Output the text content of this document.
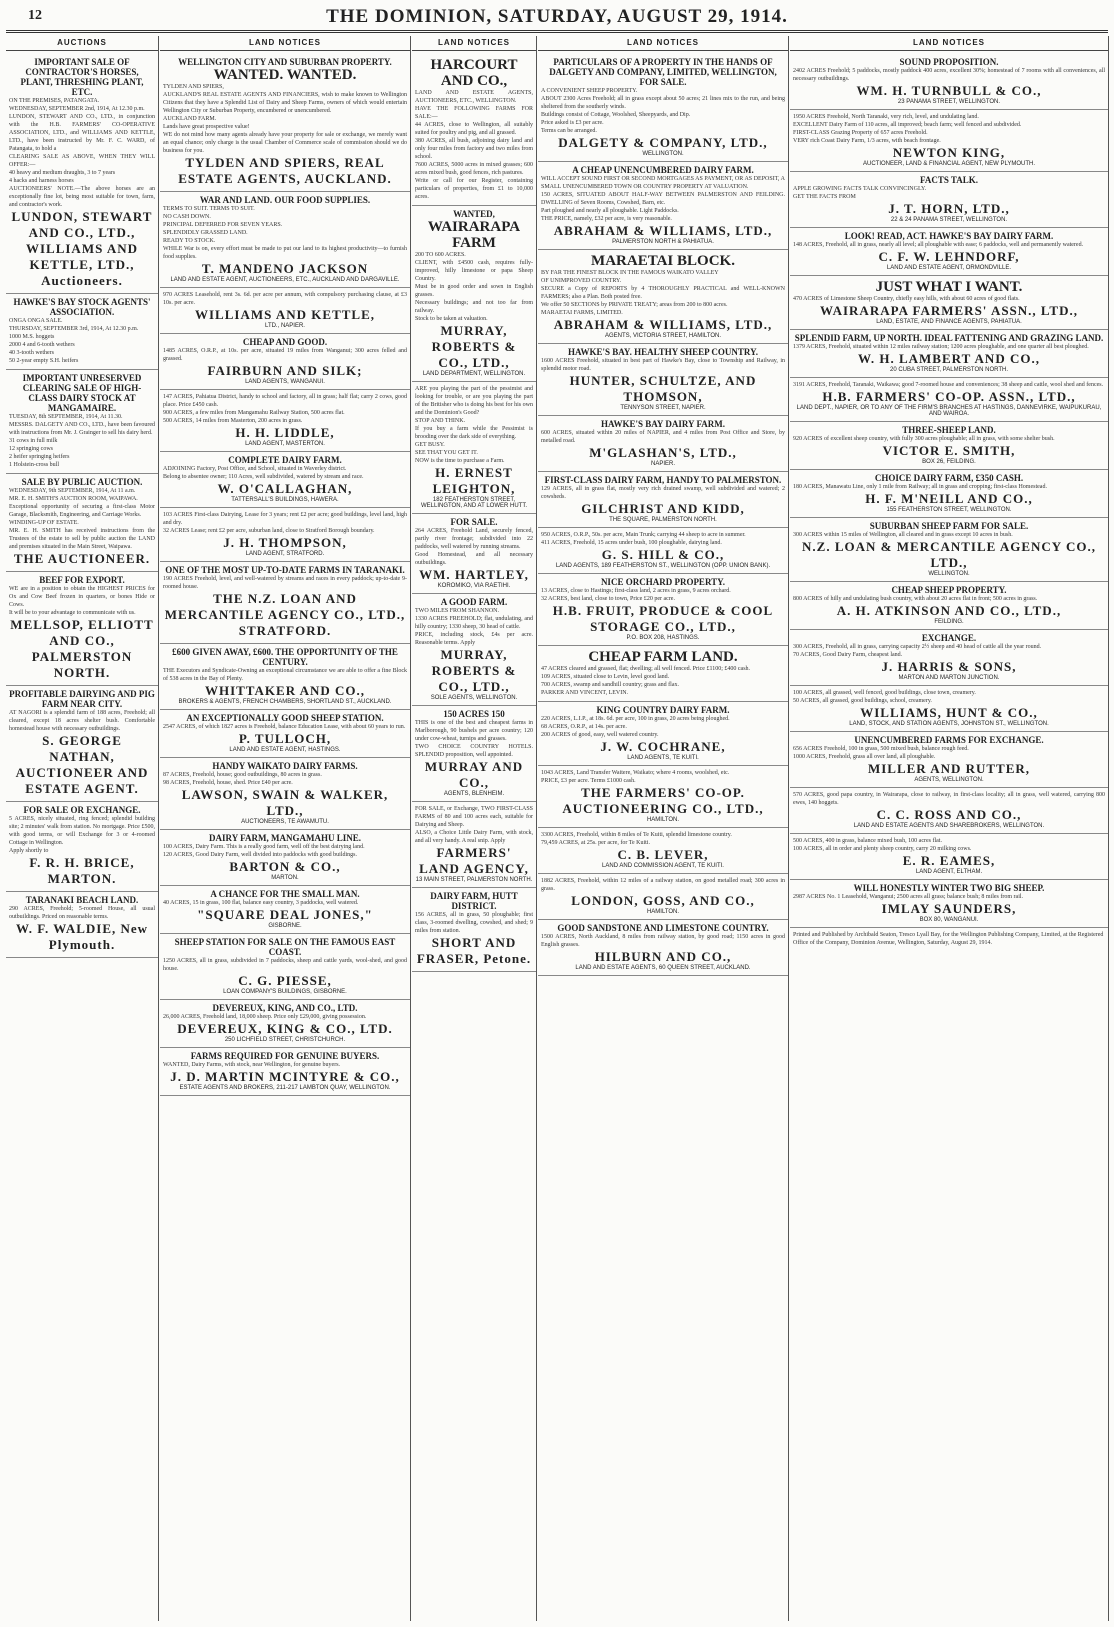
12	THE DOMINION, SATURDAY, AUGUST 29, 1914.
AUCTIONS
IMPORTANT SALE OF CONTRACTOR'S HORSES, PLANT, THRESHING PLANT, ETC.
ON THE PREMISES, PATANGATA.
WEDNESDAY, SEPTEMBER 2nd, 1914, At 12.30 p.m.
LUNDON, STEWART AND CO., LTD., in conjunction with the H.B. FARMERS' CO-OPERATIVE ASSOCIATION, LTD., and WILLIAMS AND KETTLE, LTD., have been instructed by Mr. F. C. WARD, of Patangata, to hold a
CLEARING SALE AS ABOVE, WHEN THEY WILL OFFER:—
40 heavy and medium draughts, 3 to 7 years
4 hacks and harness horses
AUCTIONEERS' NOTE.—The above horses are an exceptionally fine lot, being most suitable for town, farm, and contractor's work.
LUNDON, STEWART AND CO., LTD., WILLIAMS AND KETTLE, LTD., Auctioneers.
HAWKE'S BAY STOCK AGENTS' ASSOCIATION.
ONGA ONGA SALE.
THURSDAY, SEPTEMBER 3rd, 1914, At 12.30 p.m.
1000 M.S. hoggets
2000 4 and 6-tooth wethers
40 3-tooth wethers
50 2-year empty S.H. heifers
IMPORTANT UNRESERVED CLEARING SALE OF HIGH-CLASS DAIRY STOCK AT MANGAMAIRE.
TUESDAY, 8th SEPTEMBER, 1914, At 11.30.
MESSRS. DALGETY AND CO., LTD., have been favoured with instructions from Mr. J. Grainger to sell his dairy herd.
31 cows in full milk
12 springing cows
2 heifer springing heifers
1 Holstein-cross bull
SALE BY PUBLIC AUCTION.
WEDNESDAY, 9th SEPTEMBER, 1914, At 11 a.m.
MR. E. H. SMITH'S AUCTION ROOM, WAIPAWA.
Exceptional opportunity of securing a first-class Motor Garage, Blacksmith, Engineering, and Carriage Works.
WINDING-UP OF ESTATE.
MR. E. H. SMITH has received instructions from the Trustees of the estate to sell by public auction the LAND and premises situated in the Main Street, Waipawa.
THE AUCTIONEER.
BEEF FOR EXPORT.
WE are in a position to obtain the HIGHEST PRICES for Ox and Cow Beef frozen in quarters, or bones Hide or Cows.
It will be to your advantage to communicate with us.
MELLSOP, ELLIOTT AND CO., PALMERSTON NORTH.
PROFITABLE DAIRYING AND PIG FARM NEAR CITY.
AT NAGORI is a splendid farm of 188 acres, Freehold; all cleared, except 18 acres shelter bush. Comfortable homestead house with necessary outbuildings.
S. GEORGE NATHAN, AUCTIONEER AND ESTATE AGENT.
FOR SALE OR EXCHANGE.
5 ACRES, nicely situated, ring fenced; splendid building site; 2 minutes' walk from station. No mortgage. Price £500, with good terms, or will Exchange for 3 or 4-roomed Cottage in Wellington.
Apply shortly to
F. R. H. BRICE, MARTON.
TARANAKI BEACH LAND.
290 ACRES, Freehold; 5-roomed House, all usual outbuildings. Priced on reasonable terms.
W. F. WALDIE, New Plymouth.
LAND NOTICES
WELLINGTON CITY AND SUBURBAN PROPERTY.
WANTED. WANTED.
TYLDEN AND SPIERS,
AUCKLAND'S REAL ESTATE AGENTS AND FINANCIERS, wish to make known to Wellington Citizens that they have a Splendid List of Dairy and Sheep Farms, owners of which would entertain Wellington City or Suburban Property, encumbered or unencumbered.
AUCKLAND FARM.
Lands have great prospective value!
WE do not mind how many agents already have your property for sale or exchange, we merely want an equal chance; only charge is the usual Chamber of Commerce scale of commission should we do business for you.
TYLDEN AND SPIERS, REAL ESTATE AGENTS, AUCKLAND.
WAR AND LAND. OUR FOOD SUPPLIES.
TERMS TO SUIT. TERMS TO SUIT.
NO CASH DOWN.
PRINCIPAL DEFERRED FOR SEVEN YEARS.
SPLENDIDLY GRASSED LAND.
READY TO STOCK.
WHILE War is on, every effort must be made to put our land to its highest productivity—to furnish food supplies.
T. MANDENO JACKSON
LAND AND ESTATE AGENT, AUCTIONEERS, ETC., AUCKLAND AND DARGAVILLE.
970 ACRES Leasehold, rent 3s. 6d. per acre per annum, with compulsory purchasing clause, at £3 10s. per acre.
WILLIAMS AND KETTLE,
LTD., NAPIER.
CHEAP AND GOOD.
1485 ACRES, O.R.P., at 10s. per acre, situated 19 miles from Wanganui; 300 acres felled and grassed.
FAIRBURN AND SILK;
LAND AGENTS, WANGANUI.
147 ACRES, Pahiatua District, handy to school and factory, all in grass; half flat; carry 2 cows, good place. Price £450 cash.
900 ACRES, a few miles from Mangamahu Railway Station, 500 acres flat.
500 ACRES, 14 miles from Masterton, 200 acres in grass.
H. H. LIDDLE,
LAND AGENT, MASTERTON.
COMPLETE DAIRY FARM.
ADJOINING Factory, Post Office, and School, situated in Waverley district.
Belong to absentee owner; 110 Acres, well subdivided, watered by stream and race.
W. O'CALLAGHAN,
TATTERSALL'S BUILDINGS, HAWERA.
103 ACRES First-class Dairying, Lease for 3 years; rent £2 per acre; good buildings, level land, high and dry.
32 ACRES Lease; rent £2 per acre, suburban land, close to Stratford Borough boundary.
J. H. THOMPSON,
LAND AGENT, STRATFORD.
ONE OF THE MOST UP-TO-DATE FARMS IN TARANAKI.
190 ACRES Freehold, level, and well-watered by streams and races in every paddock; up-to-date 9-roomed house.
THE N.Z. LOAN AND MERCANTILE AGENCY CO., LTD., STRATFORD.
£600 GIVEN AWAY, £600. THE OPPORTUNITY OF THE CENTURY.
THE Executors and Syndicate-Owning an exceptional circumstance we are able to offer a fine Block of 538 acres in the Bay of Plenty.
WHITTAKER AND CO.,
BROKERS & AGENTS, FRENCH CHAMBERS, SHORTLAND ST., AUCKLAND.
AN EXCEPTIONALLY GOOD SHEEP STATION.
2547 ACRES, of which 1827 acres is Freehold, balance Education Lease, with about 60 years to run.
P. TULLOCH,
LAND AND ESTATE AGENT, HASTINGS.
HANDY WAIKATO DAIRY FARMS.
87 ACRES, Freehold, house; good outbuildings, 80 acres in grass.
98 ACRES, Freehold, house, shed. Price £40 per acre.
LAWSON, SWAIN & WALKER, LTD.,
AUCTIONEERS, TE AWAMUTU.
DAIRY FARM, MANGAMAHU LINE.
100 ACRES, Dairy Farm. This is a really good farm, well off the best dairying land.
120 ACRES, Good Dairy Farm, well divided into paddocks with good buildings.
BARTON & CO.,
MARTON.
A CHANCE FOR THE SMALL MAN.
40 ACRES, 15 in grass, 100 flat, balance easy country, 3 paddocks, well watered.
"SQUARE DEAL JONES,"
GISBORNE.
SHEEP STATION FOR SALE ON THE FAMOUS EAST COAST.
1250 ACRES, all in grass, subdivided in 7 paddocks, sheep and cattle yards, wool-shed, and good house.
C. G. PIESSE,
LOAN COMPANY'S BUILDINGS, GISBORNE.
DEVEREUX, KING, AND CO., LTD.
26,000 ACRES, Freehold land, 18,000 sheep. Price only £29,000, giving possession.
DEVEREUX, KING & CO., LTD.
250 LICHFIELD STREET, CHRISTCHURCH.
FARMS REQUIRED FOR GENUINE BUYERS.
WANTED, Dairy Farms, with stock, near Wellington, for genuine buyers.
J. D. MARTIN MCINTYRE & CO.,
ESTATE AGENTS AND BROKERS, 211-217 LAMBTON QUAY, WELLINGTON.
LAND NOTICES
HARCOURT AND CO.,
LAND AND ESTATE AGENTS, AUCTIONEERS, ETC., WELLINGTON.
HAVE THE FOLLOWING FARMS FOR SALE:—
44 ACRES, close to Wellington, all suitably suited for poultry and pig, and all grassed.
380 ACRES, all bush, adjoining dairy land and only four miles from factory and two miles from school.
7600 ACRES, 5000 acres in mixed grasses; 600 acres mixed bush, good fences, rich pastures.
Write or call for our Register, containing particulars of properties, from £1 to 10,000 acres.
WANTED,
WAIRARAPA FARM
200 TO 600 ACRES.
CLIENT, with £4500 cash, requires fully-improved, hilly limestone or papa Sheep Country.
Must be in good order and sown in English grasses.
Necessary buildings; and not too far from railway.
Stock to be taken at valuation.
MURRAY, ROBERTS & CO., LTD.,
LAND DEPARTMENT, WELLINGTON.
ARE you playing the part of the pessimist and looking for trouble, or are you playing the part of the Britisher who is doing his best for his own and the Dominion's Good?
STOP AND THINK.
If you buy a farm while the Pessimist is brooding over the dark side of everything.
GET BUSY.
SEE THAT YOU GET IT.
NOW is the time to purchase a Farm.
H. ERNEST LEIGHTON,
182 FEATHERSTON STREET, WELLINGTON, AND AT LOWER HUTT.
FOR SALE.
264 ACRES, Freehold Land, securely fenced, partly river frontage; subdivided into 22 paddocks, well watered by running streams.
Good Homestead, and all necessary outbuildings.
WM. HARTLEY,
KOROMIKO, VIA RAETIHI.
A GOOD FARM.
TWO MILES FROM SHANNON.
1330 ACRES FREEHOLD; flat, undulating, and hilly country; 1330 sheep, 30 head of cattle.
PRICE, including stock, £4s per acre. Reasonable terms. Apply
MURRAY, ROBERTS & CO., LTD.,
SOLE AGENTS, WELLINGTON.
150 ACRES 150
THIS is one of the best and cheapest farms in Marlborough, 90 bushels per acre country; 120 under cow-wheat, turnips and grasses.
TWO CHOICE COUNTRY HOTELS. SPLENDID proposition, well appointed.
MURRAY AND CO.,
AGENTS, BLENHEIM.
FOR SALE, or Exchange, TWO FIRST-CLASS FARMS of 80 and 100 acres each, suitable for Dairying and Sheep.
ALSO, a Choice Little Dairy Farm, with stock, and all very handy. A real snip. Apply
FARMERS' LAND AGENCY,
13 MAIN STREET, PALMERSTON NORTH.
DAIRY FARM, HUTT DISTRICT.
156 ACRES, all in grass, 50 ploughable; first class, 3-roomed dwelling, cowshed, and shed; 9 miles from station.
SHORT AND FRASER, Petone.
LAND NOTICES
PARTICULARS OF A PROPERTY IN THE HANDS OF DALGETY AND COMPANY, LIMITED, WELLINGTON, FOR SALE.
A CONVENIENT SHEEP PROPERTY.
ABOUT 2300 Acres Freehold; all in grass except about 50 acres; 21 lines mix to the run, and being sheltered from the southerly winds.
Buildings consist of Cottage, Woolshed, Sheepyards, and Dip.
Price asked is £3 per acre.
Terms can be arranged.
DALGETY & COMPANY, LTD.,
WELLINGTON.
A CHEAP UNENCUMBERED DAIRY FARM.
WILL ACCEPT SOUND FIRST OR SECOND MORTGAGES AS PAYMENT, OR AS DEPOSIT, A SMALL UNENCUMBERED TOWN OR COUNTRY PROPERTY AT VALUATION.
150 ACRES, SITUATED ABOUT HALF-WAY BETWEEN PALMERSTON AND FEILDING. DWELLING of Seven Rooms, Cowshed, Barn, etc.
Part ploughed and nearly all ploughable. Light Paddocks.
THE PRICE, namely, £32 per acre, is very reasonable.
ABRAHAM & WILLIAMS, LTD.,
PALMERSTON NORTH & PAHIATUA.
MARAETAI BLOCK.
BY FAR THE FINEST BLOCK IN THE FAMOUS WAIKATO VALLEY
OF UNIMPROVED COUNTRY.
SECURE a Copy of REPORTS by 4 THOROUGHLY PRACTICAL and WELL-KNOWN FARMERS; also a Plan. Both posted free.
We offer 50 SECTIONS by PRIVATE TREATY; areas from 200 to 800 acres.
MARAETAI FARMS, LIMITED.
ABRAHAM & WILLIAMS, LTD.,
AGENTS, VICTORIA STREET, HAMILTON.
HAWKE'S BAY. HEALTHY SHEEP COUNTRY.
1600 ACRES Freehold, situated in best part of Hawke's Bay, close to Township and Railway, in splendid motor road.
HUNTER, SCHULTZE, AND THOMSON,
TENNYSON STREET, NAPIER.
HAWKE'S BAY DAIRY FARM.
600 ACRES, situated within 20 miles of NAPIER, and 4 miles from Post Office and Store, by metalled road.
M'GLASHAN'S, LTD.,
NAPIER.
FIRST-CLASS DAIRY FARM, HANDY TO PALMERSTON.
129 ACRES, all in grass flat, mostly very rich drained swamp, well subdivided and watered; 2 cowsheds.
GILCHRIST AND KIDD,
THE SQUARE, PALMERSTON NORTH.
950 ACRES, O.R.P., 50s. per acre, Main Trunk; carrying 44 sheep to acre in summer.
411 ACRES, Freehold, 15 acres under bush, 100 ploughable, dairying land.
G. S. HILL & CO.,
LAND AGENTS, 189 FEATHERSTON ST., WELLINGTON (OPP. UNION BANK).
NICE ORCHARD PROPERTY.
13 ACRES, close to Hastings; first-class land, 2 acres in grass, 9 acres orchard.
32 ACRES, best land, close to town, Price £20 per acre.
H.B. FRUIT, PRODUCE & COOL STORAGE CO., LTD.,
P.O. BOX 208, HASTINGS.
CHEAP FARM LAND.
47 ACRES cleared and grassed, flat; dwelling; all well fenced. Price £1100; £400 cash.
109 ACRES, situated close to Levin, level good land.
700 ACRES, swamp and sandhill country; grass and flax.
PARKER AND VINCENT, LEVIN.
KING COUNTRY DAIRY FARM.
220 ACRES, L.I.P., at 18s. 6d. per acre, 100 in grass, 20 acres being ploughed.
68 ACRES, O.R.P., at 14s. per acre.
200 ACRES of good, easy, well watered country.
J. W. COCHRANE,
LAND AGENTS, TE KUITI.
1043 ACRES, Land Transfer Waitere, Waikato; where 4 rooms, woolshed, etc.
PRICE, £3 per acre. Terms £1000 cash.
THE FARMERS' CO-OP. AUCTIONEERING CO., LTD.,
HAMILTON.
3300 ACRES, Freehold, within 8 miles of Te Kuiti, splendid limestone country.
79,459 ACRES, at 25s. per acre, for Te Kuiti.
C. B. LEVER,
LAND AND COMMISSION AGENT, TE KUITI.
1882 ACRES, Freehold, within 12 miles of a railway station, on good metalled road; 300 acres in grass.
LONDON, GOSS, AND CO.,
HAMILTON.
GOOD SANDSTONE AND LIMESTONE COUNTRY.
1500 ACRES, North Auckland, 8 miles from railway station, by good road; 1150 acres in good English grasses.
HILBURN AND CO.,
LAND AND ESTATE AGENTS, 60 QUEEN STREET, AUCKLAND.
LAND NOTICES
SOUND PROPOSITION.
2402 ACRES Freehold; 5 paddocks, mostly paddock 400 acres, excellent 30%; homestead of 7 rooms with all conveniences, all necessary outbuildings.
WM. H. TURNBULL & CO.,
23 PANAMA STREET, WELLINGTON.
1950 ACRES Freehold, North Taranaki, very rich, level, and undulating land.
EXCELLENT Dairy Farm of 110 acres, all improved; beach farm; well fenced and subdivided.
FIRST-CLASS Grazing Property of 657 acres Freehold.
VERY rich Coast Dairy Farm, 1/3 acres, with beach frontage.
NEWTON KING,
AUCTIONEER, LAND & FINANCIAL AGENT, NEW PLYMOUTH.
FACTS TALK.
APPLE GROWING FACTS TALK CONVINCINGLY.
GET THE FACTS FROM
J. T. HORN, LTD.,
22 & 24 PANAMA STREET, WELLINGTON.
LOOK! READ, ACT. HAWKE'S BAY DAIRY FARM.
148 ACRES, Freehold, all in grass, nearly all level; all ploughable with ease; 6 paddocks, well and permanently watered.
C. F. W. LEHNDORF,
LAND AND ESTATE AGENT, ORMONDVILLE.
JUST WHAT I WANT.
470 ACRES of Limestone Sheep Country, chiefly easy hills, with about 60 acres of good flats.
WAIRARAPA FARMERS' ASSN., LTD.,
LAND, ESTATE, AND FINANCE AGENTS, PAHIATUA.
SPLENDID FARM, UP NORTH. IDEAL FATTENING AND GRAZING LAND.
1379 ACRES, Freehold, situated within 12 miles railway station; 1200 acres ploughable, and one quarter all best ploughed.
W. H. LAMBERT AND CO.,
20 CUBA STREET, PALMERSTON NORTH.
3191 ACRES, Freehold, Taranaki, Waikawa; good 7-roomed house and conveniences; 38 sheep and cattle, wool shed and fences.
H.B. FARMERS' CO-OP. ASSN., LTD.,
LAND DEPT., NAPIER, OR TO ANY OF THE FIRM'S BRANCHES AT HASTINGS, DANNEVIRKE, WAIPUKURAU, AND WAIROA.
THREE-SHEEP LAND.
920 ACRES of excellent sheep country, with fully 300 acres ploughable; all in grass, with some shelter bush.
VICTOR E. SMITH,
BOX 26, FEILDING.
CHOICE DAIRY FARM, £350 CASH.
180 ACRES, Manawatu Line, only 1 mile from Railway; all in grass and cropping; first-class Homestead.
H. F. M'NEILL AND CO.,
155 FEATHERSTON STREET, WELLINGTON.
SUBURBAN SHEEP FARM FOR SALE.
300 ACRES within 15 miles of Wellington, all cleared and in grass except 10 acres in bush.
N.Z. LOAN & MERCANTILE AGENCY CO., LTD.,
WELLINGTON.
CHEAP SHEEP PROPERTY.
800 ACRES of hilly and undulating bush country, with about 20 acres flat in front; 500 acres in grass.
A. H. ATKINSON AND CO., LTD.,
FEILDING.
EXCHANGE.
300 ACRES, Freehold, all in grass, carrying capacity 2½ sheep and 40 head of cattle all the year round.
70 ACRES, Good Dairy Farm, cheapest land.
J. HARRIS & SONS,
MARTON AND MARTON JUNCTION.
100 ACRES, all grassed, well fenced, good buildings, close town, creamery.
50 ACRES, all grassed, good buildings, school, creamery.
WILLIAMS, HUNT & CO.,
LAND, STOCK, AND STATION AGENTS, JOHNSTON ST., WELLINGTON.
UNENCUMBERED FARMS FOR EXCHANGE.
656 ACRES Freehold, 100 in grass, 500 mixed bush, balance rough feed.
1000 ACRES, Freehold, grass all over land, all ploughable.
MILLER AND RUTTER,
AGENTS, WELLINGTON.
570 ACRES, good papa country, in Wairarapa, close to railway, in first-class locality; all in grass, well watered, carrying 800 ewes, 140 hoggets.
C. C. ROSS AND CO.,
LAND AND ESTATE AGENTS AND SHAREBROKERS, WELLINGTON.
500 ACRES, 400 in grass, balance mixed bush, 100 acres flat.
100 ACRES, all in order and plenty sheep country, carry 20 milking cows.
E. R. EAMES,
LAND AGENT, ELTHAM.
WILL HONESTLY WINTER TWO BIG SHEEP.
2987 ACRES No. 1 Leasehold, Wanganui; 2500 acres all grass; balance bush; 8 miles from rail.
IMLAY SAUNDERS,
BOX 80, WANGANUI.
Printed and Published by Archibald Seaton, Tresco Lyall Bay, for the Wellington Publishing Company, Limited, at the Registered Office of the Company, Dominion Avenue, Wellington, Saturday, August 29, 1914.
